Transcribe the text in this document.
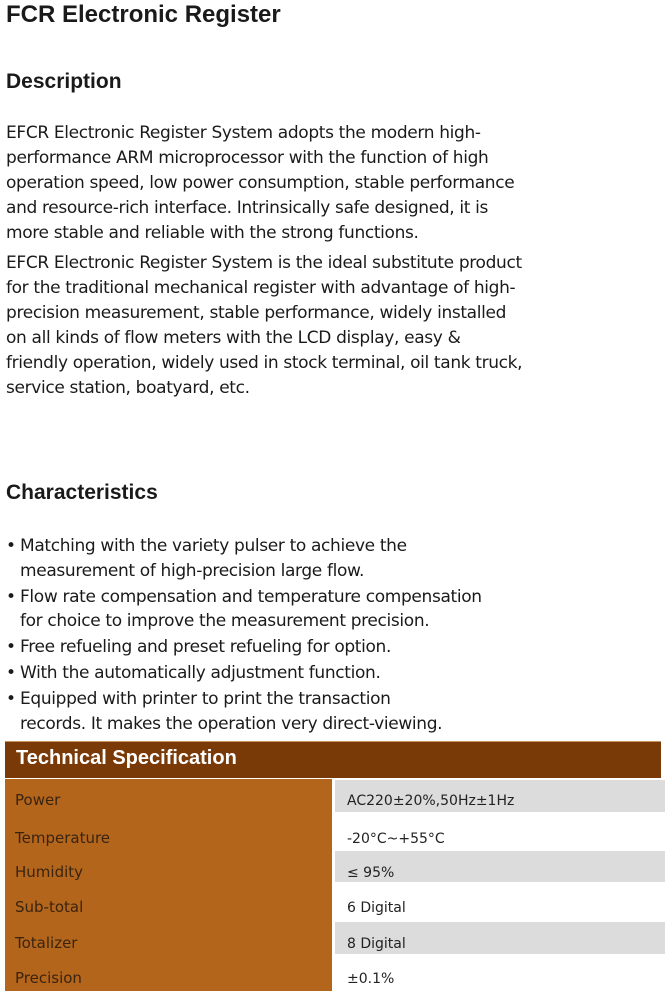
FCR Electronic Register
Description
EFCR Electronic Register System adopts the modern high-
performance ARM microprocessor with the function of high
operation speed, low power consumption, stable performance
and resource-rich interface. Intrinsically safe designed, it is
more stable and reliable with the strong functions.
EFCR Electronic Register System is the ideal substitute product
for the traditional mechanical register with advantage of high-
precision measurement, stable performance, widely installed
on all kinds of flow meters with the LCD display, easy &
friendly operation, widely used in stock terminal, oil tank truck,
service station, boatyard, etc.
Characteristics
• Matching with the variety pulser to achieve the
measurement of high-precision large flow.
• Flow rate compensation and temperature compensation
for choice to improve the measurement precision.
• Free refueling and preset refueling for option.
• With the automatically adjustment function.
• Equipped with printer to print the transaction
records. It makes the operation very direct-viewing.
Technical Specification
Power	AC220±20%,50Hz±1Hz
Temperature	-20°C~+55°C
Humidity	≤ 95%
Sub-total	6 Digital
Totalizer	8 Digital
Precision	±0.1%
